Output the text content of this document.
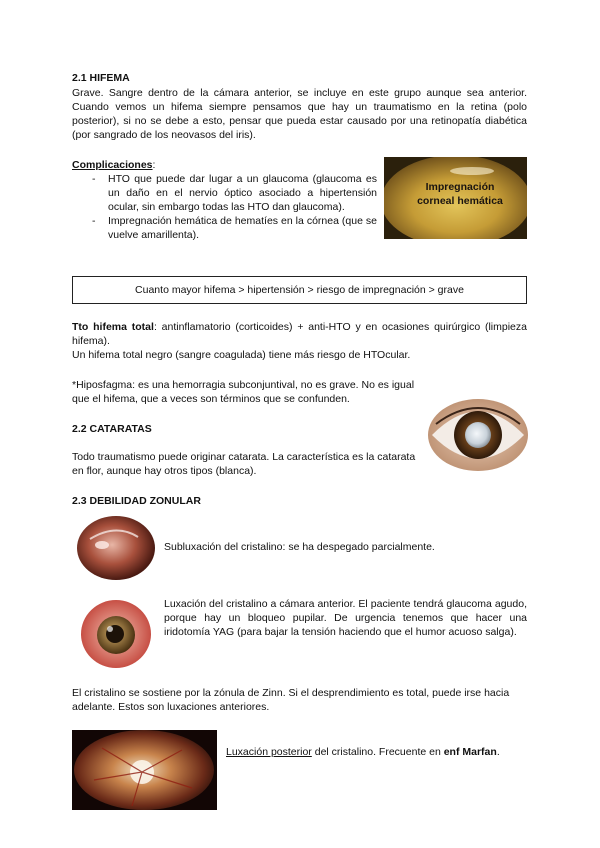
2.1 HIFEMA

Grave. Sangre dentro de la cámara anterior, se incluye en este grupo aunque sea anterior. Cuando vemos un hifema siempre pensamos que hay un traumatismo en la retina (polo posterior), si no se debe a esto, pensar que pueda estar causado por una retinopatía diabética (por sangrado de los neovasos del iris).

Complicaciones:
- HTO que puede dar lugar a un glaucoma (glaucoma es un daño en el nervio óptico asociado a hipertensión ocular, sin embargo todas las HTO dan glaucoma).
- Impregnación hemática de hematíes en la córnea (que se vuelve amarillenta).
Impregnación
corneal hemática
Cuanto mayor hifema > hipertensión > riesgo de impregnación > grave

Tto hifema total: antinflamatorio (corticoides) + anti-HTO y en ocasiones quirúrgico (limpieza hifema).

Un hifema total negro (sangre coagulada) tiene más riesgo de HTOcular.

*Hiposfagma: es una hemorragia subconjuntival, no es grave. No es igual que el hifema, que a veces son términos que se confunden.

2.2 CATARATAS

Todo traumatismo puede originar catarata. La característica es la catarata en flor, aunque hay otros tipos (blanca).

2.3 DEBILIDAD ZONULAR

Subluxación del cristalino: se ha despegado parcialmente.

Luxación del cristalino a cámara anterior. El paciente tendrá glaucoma agudo, porque hay un bloqueo pupilar. De urgencia tenemos que hacer una iridotomía YAG (para bajar la tensión haciendo que el humor acuoso salga).

El cristalino se sostiene por la zónula de Zinn. Si el desprendimiento es total, puede irse hacia adelante. Estos son luxaciones anteriores.

Luxación posterior del cristalino. Frecuente en enf Marfan.
